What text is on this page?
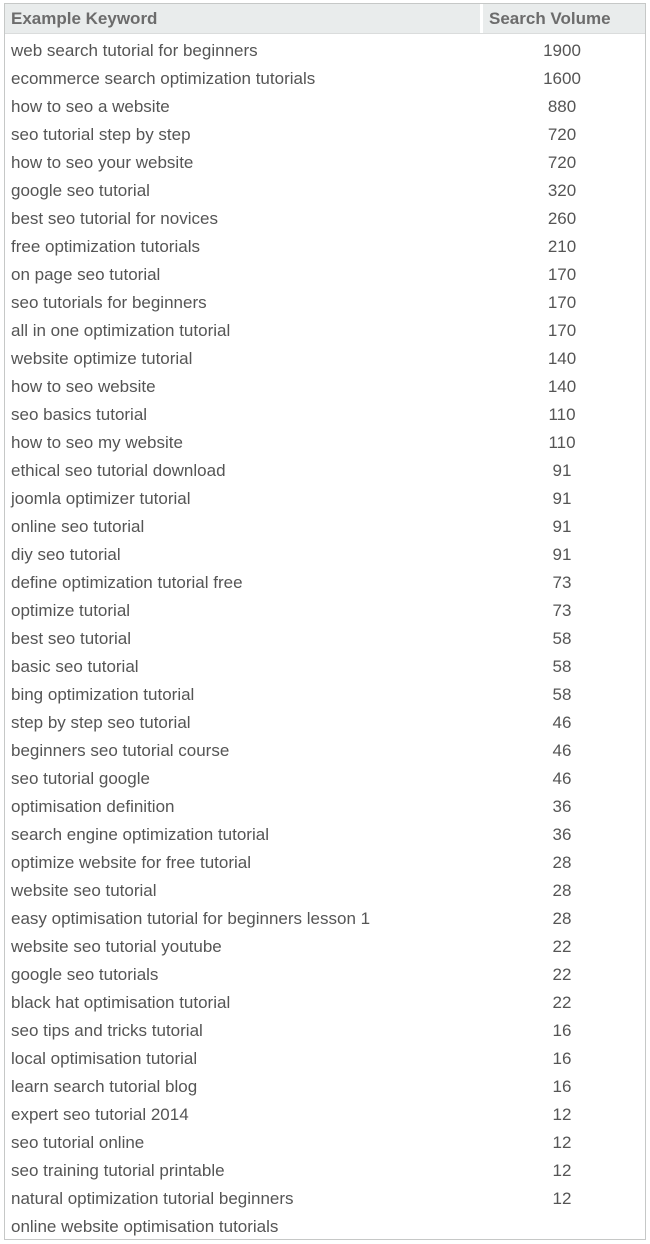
Example Keyword	Search Volume
web search tutorial for beginners	1900
ecommerce search optimization tutorials	1600
how to seo a website	880
seo tutorial step by step	720
how to seo your website	720
google seo tutorial	320
best seo tutorial for novices	260
free optimization tutorials	210
on page seo tutorial	170
seo tutorials for beginners	170
all in one optimization tutorial	170
website optimize tutorial	140
how to seo website	140
seo basics tutorial	110
how to seo my website	110
ethical seo tutorial download	91
joomla optimizer tutorial	91
online seo tutorial	91
diy seo tutorial	91
define optimization tutorial free	73
optimize tutorial	73
best seo tutorial	58
basic seo tutorial	58
bing optimization tutorial	58
step by step seo tutorial	46
beginners seo tutorial course	46
seo tutorial google	46
optimisation definition	36
search engine optimization tutorial	36
optimize website for free tutorial	28
website seo tutorial	28
easy optimisation tutorial for beginners lesson 1	28
website seo tutorial youtube	22
google seo tutorials	22
black hat optimisation tutorial	22
seo tips and tricks tutorial	16
local optimisation tutorial	16
learn search tutorial blog	16
expert seo tutorial 2014	12
seo tutorial online	12
seo training tutorial printable	12
natural optimization tutorial beginners	12
online website optimisation tutorials
